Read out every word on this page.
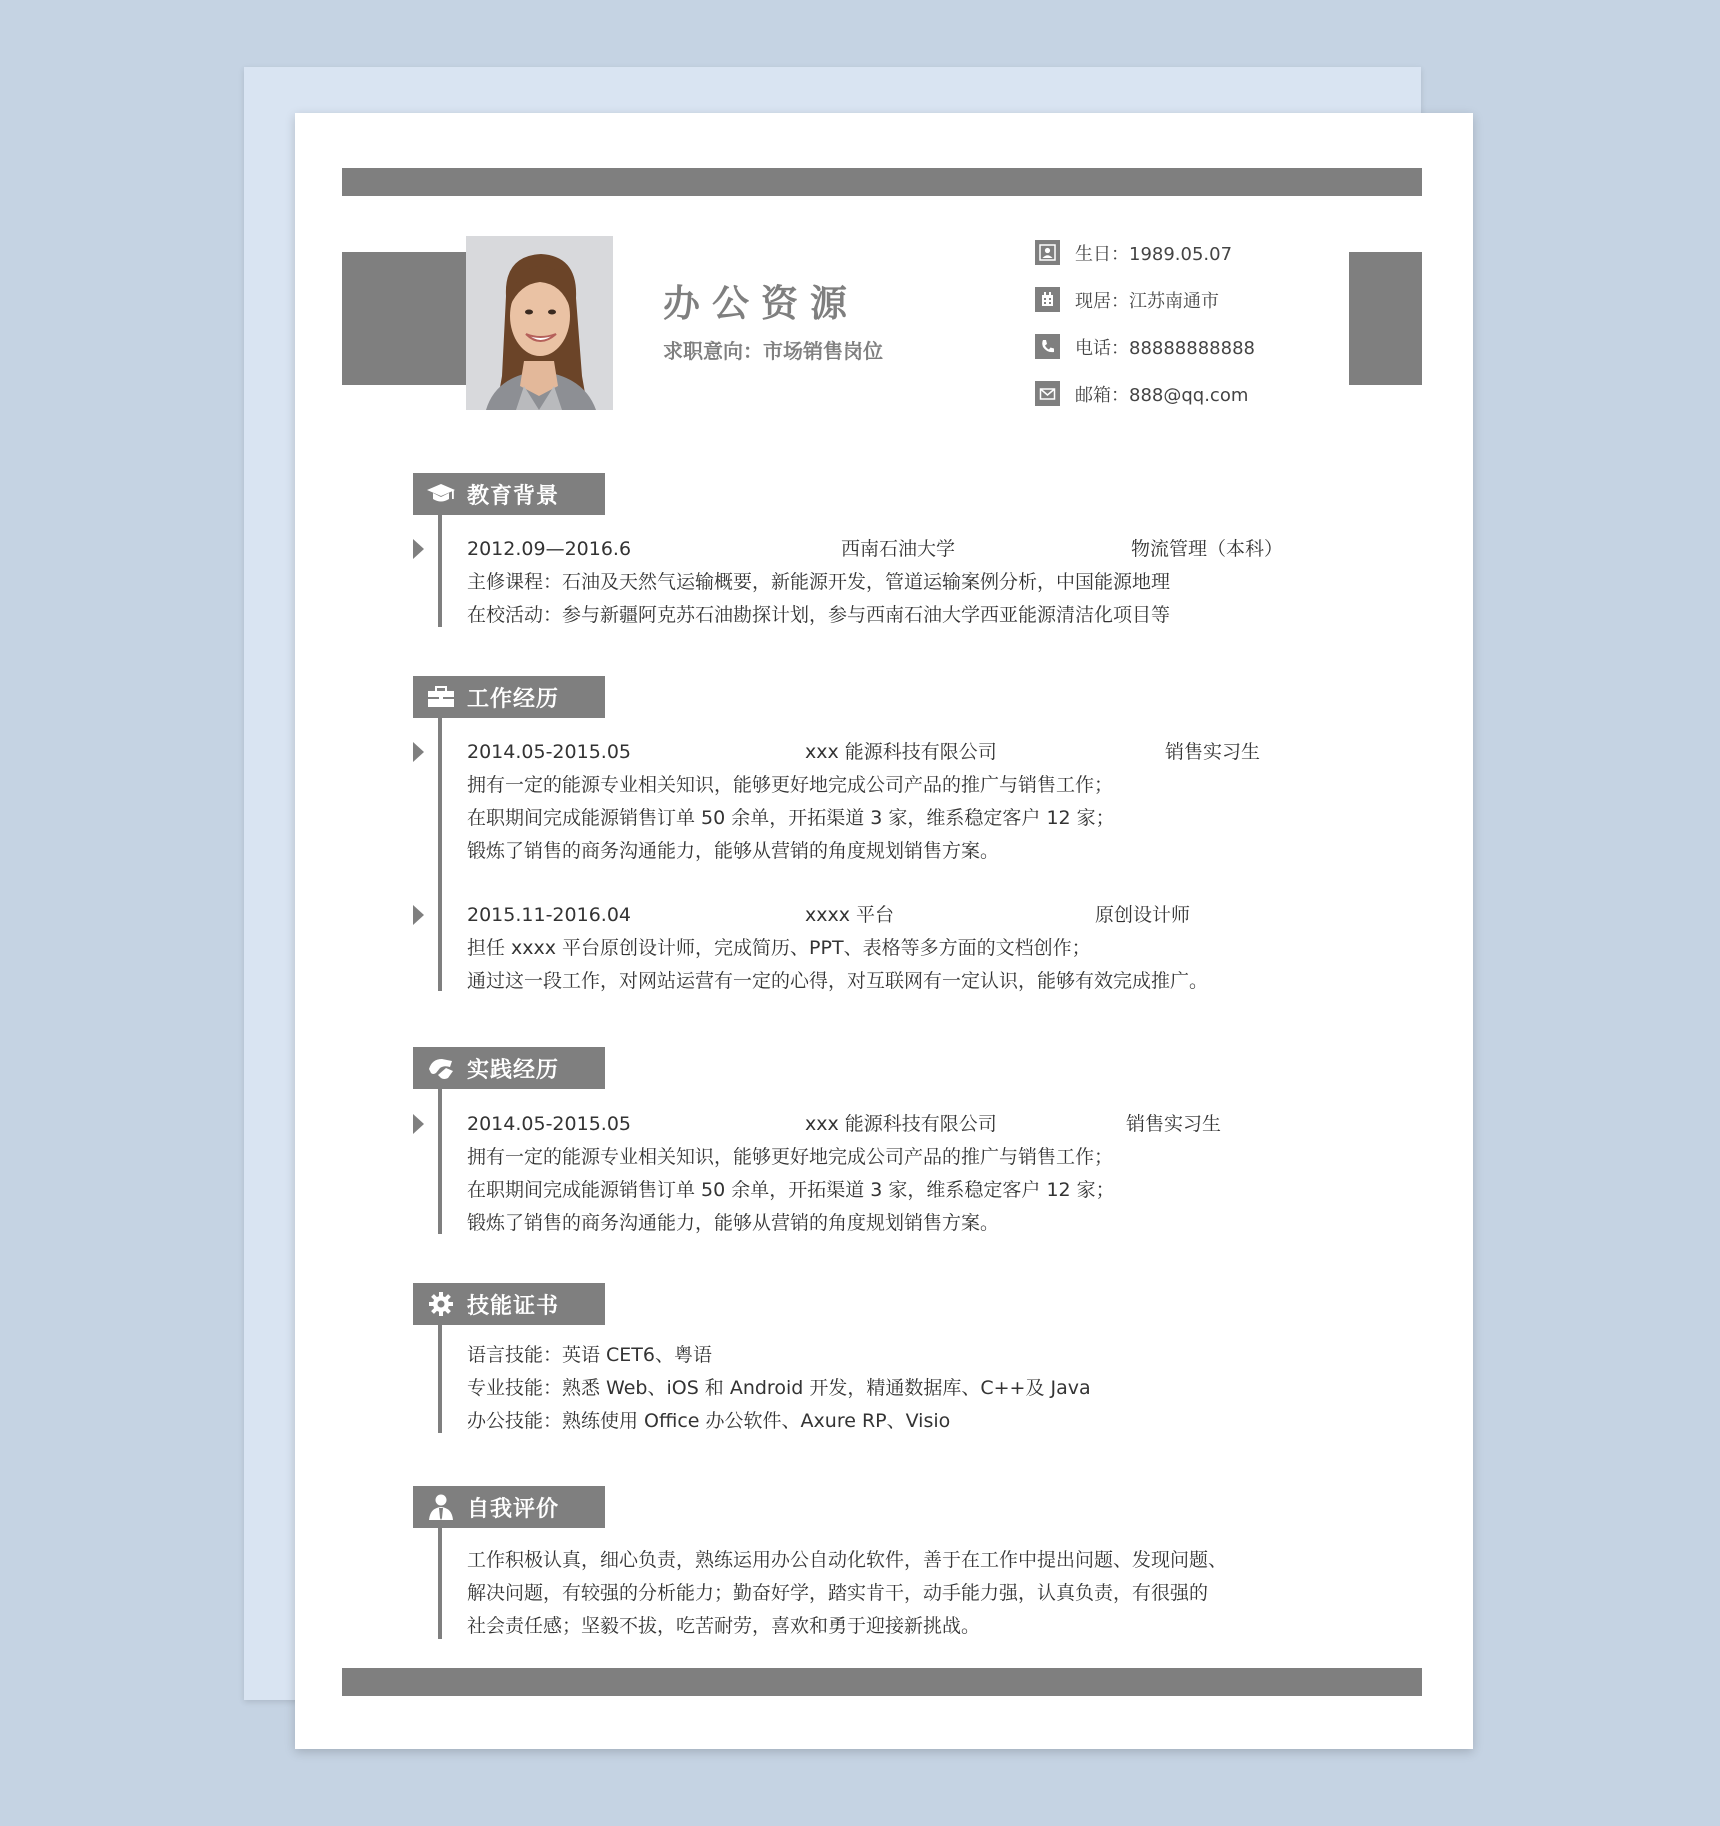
办公资源
求职意向：市场销售岗位
生日：1989.05.07
现居：江苏南通市
电话：88888888888
邮箱：888@qq.com
教育背景
2012.09—2016.6	西南石油大学	物流管理（本科）
主修课程：石油及天然气运输概要，新能源开发，管道运输案例分析，中国能源地理
在校活动：参与新疆阿克苏石油勘探计划，参与西南石油大学西亚能源清洁化项目等
工作经历
2014.05-2015.05	xxx 能源科技有限公司	销售实习生
拥有一定的能源专业相关知识，能够更好地完成公司产品的推广与销售工作；
在职期间完成能源销售订单 50 余单，开拓渠道 3 家，维系稳定客户 12 家；
锻炼了销售的商务沟通能力，能够从营销的角度规划销售方案。
2015.11-2016.04	xxxx 平台	原创设计师
担任 xxxx 平台原创设计师，完成简历、PPT、表格等多方面的文档创作；
通过这一段工作，对网站运营有一定的心得，对互联网有一定认识，能够有效完成推广。
实践经历
2014.05-2015.05	xxx 能源科技有限公司	销售实习生
拥有一定的能源专业相关知识，能够更好地完成公司产品的推广与销售工作；
在职期间完成能源销售订单 50 余单，开拓渠道 3 家，维系稳定客户 12 家；
锻炼了销售的商务沟通能力，能够从营销的角度规划销售方案。
技能证书
语言技能：英语 CET6、粤语
专业技能：熟悉 Web、iOS 和 Android 开发，精通数据库、C++及 Java
办公技能：熟练使用 Office 办公软件、Axure RP、Visio
自我评价
工作积极认真，细心负责，熟练运用办公自动化软件，善于在工作中提出问题、发现问题、
解决问题，有较强的分析能力；勤奋好学，踏实肯干，动手能力强，认真负责，有很强的
社会责任感；坚毅不拔，吃苦耐劳，喜欢和勇于迎接新挑战。
